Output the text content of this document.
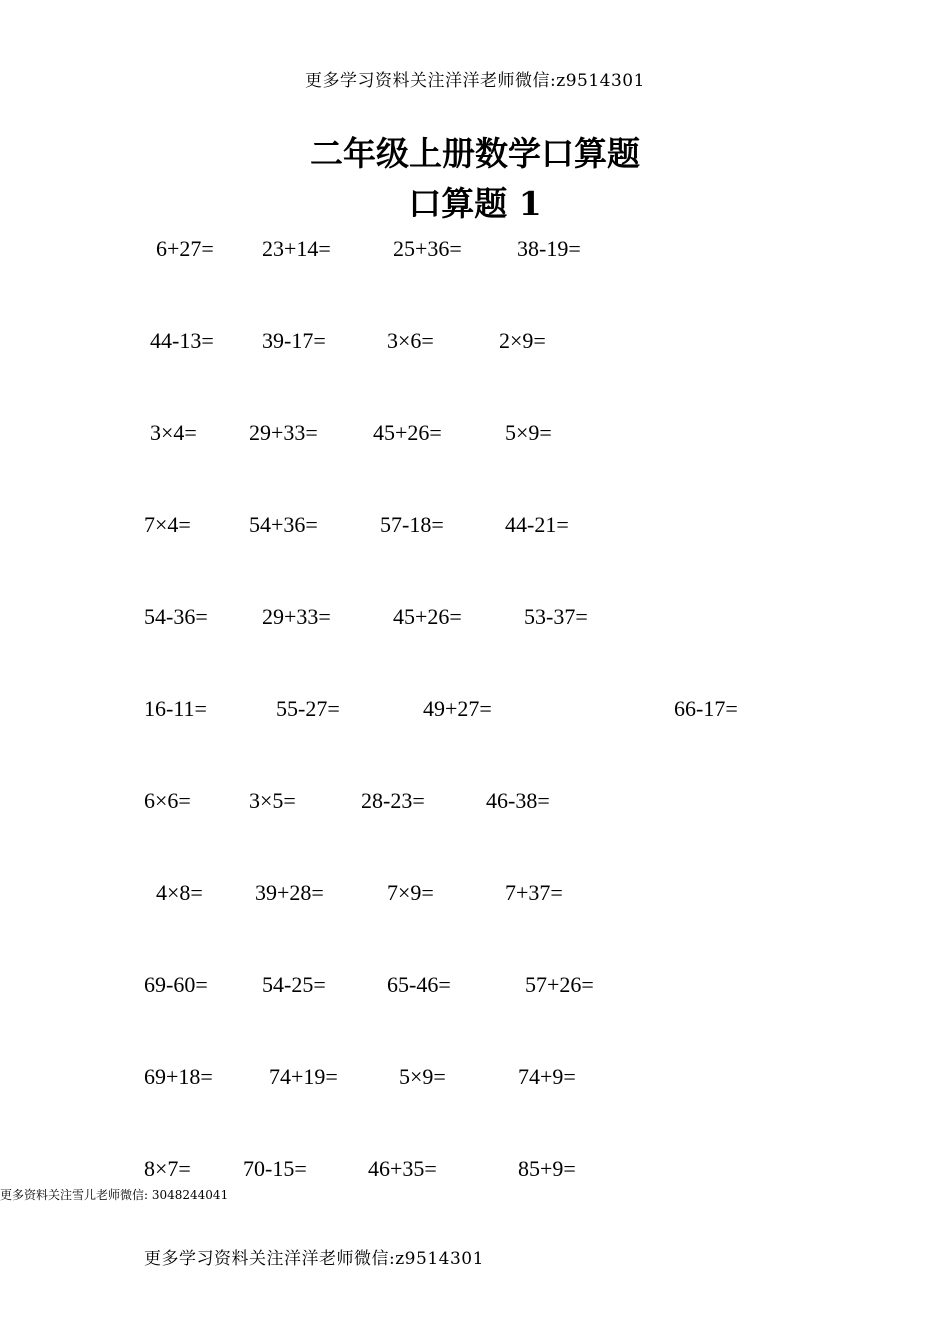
更多学习资料关注洋洋老师微信:z9514301
二年级上册数学口算题
口算题 1
6+27= 23+14=	25+36=	38-19=
44-13= 39-17=	3×6=	2×9=
3×4= 29+33=	45+26=	5×9=
7×4=	54+36=	57-18=	44-21=
54-36= 29+33=	45+26=	53-37=
16-11=	55-27=	49+27=	66-17=
6×6=	3×5=	28-23=	46-38=
4×8= 39+28=	7×9=	7+37=
69-60= 54-25=	65-46=	57+26=
69+18=	74+19=	5×9=	74+9=
8×7= 70-15=	46+35=	85+9=
更多资料关注雪儿老师微信: 3048244041
更多学习资料关注洋洋老师微信:z9514301
